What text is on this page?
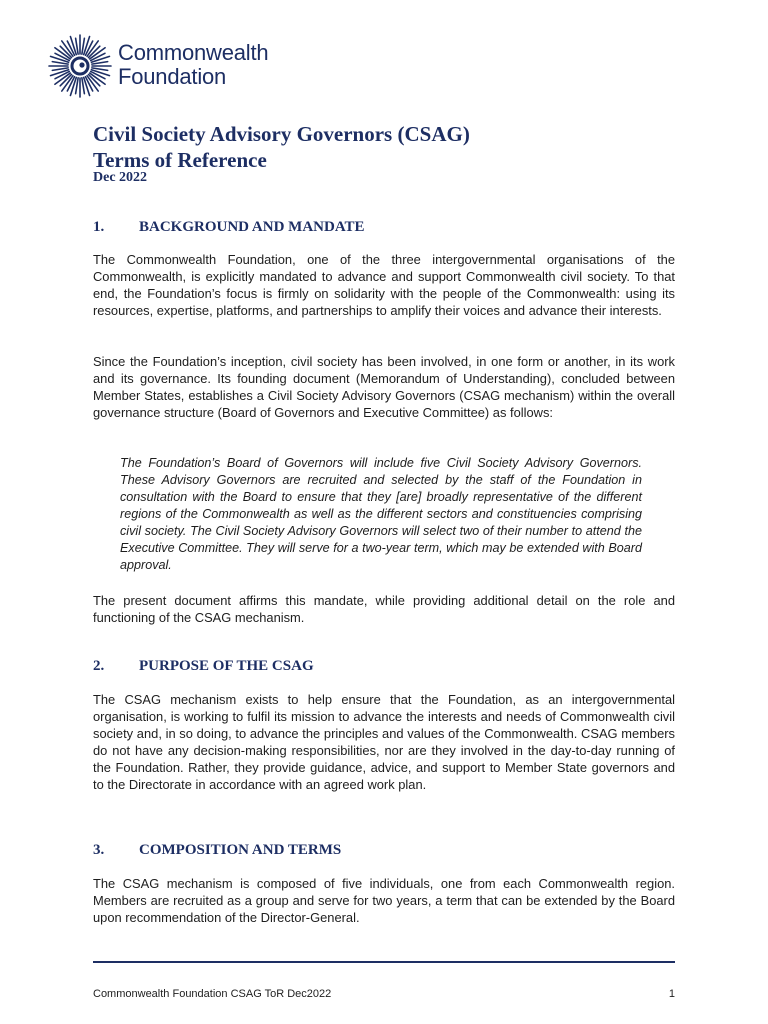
Commonwealth
Foundation
Civil Society Advisory Governors (CSAG)
Terms of Reference
Dec 2022
1. BACKGROUND AND MANDATE

The Commonwealth Foundation, one of the three intergovernmental organisations of the Commonwealth, is explicitly mandated to advance and support Commonwealth civil society. To that end, the Foundation’s focus is firmly on solidarity with the people of the Commonwealth: using its resources, expertise, platforms, and partnerships to amplify their voices and advance their interests.

Since the Foundation’s inception, civil society has been involved, in one form or another, in its work and its governance. Its founding document (Memorandum of Understanding), concluded between Member States, establishes a Civil Society Advisory Governors (CSAG mechanism) within the overall governance structure (Board of Governors and Executive Committee) as follows:

The Foundation’s Board of Governors will include five Civil Society Advisory Governors. These Advisory Governors are recruited and selected by the staff of the Foundation in consultation with the Board to ensure that they [are] broadly representative of the different regions of the Commonwealth as well as the different sectors and constituencies comprising civil society. The Civil Society Advisory Governors will select two of their number to attend the Executive Committee. They will serve for a two-year term, which may be extended with Board approval.

The present document affirms this mandate, while providing additional detail on the role and functioning of the CSAG mechanism.

2. PURPOSE OF THE CSAG

The CSAG mechanism exists to help ensure that the Foundation, as an intergovernmental organisation, is working to fulfil its mission to advance the interests and needs of Commonwealth civil society and, in so doing, to advance the principles and values of the Commonwealth. CSAG members do not have any decision-making responsibilities, nor are they involved in the day-to-day running of the Foundation. Rather, they provide guidance, advice, and support to Member State governors and to the Directorate in accordance with an agreed work plan.

3. COMPOSITION AND TERMS

The CSAG mechanism is composed of five individuals, one from each Commonwealth region. Members are recruited as a group and serve for two years, a term that can be extended by the Board upon recommendation of the Director-General.

Commonwealth Foundation CSAG ToR Dec2022	1
